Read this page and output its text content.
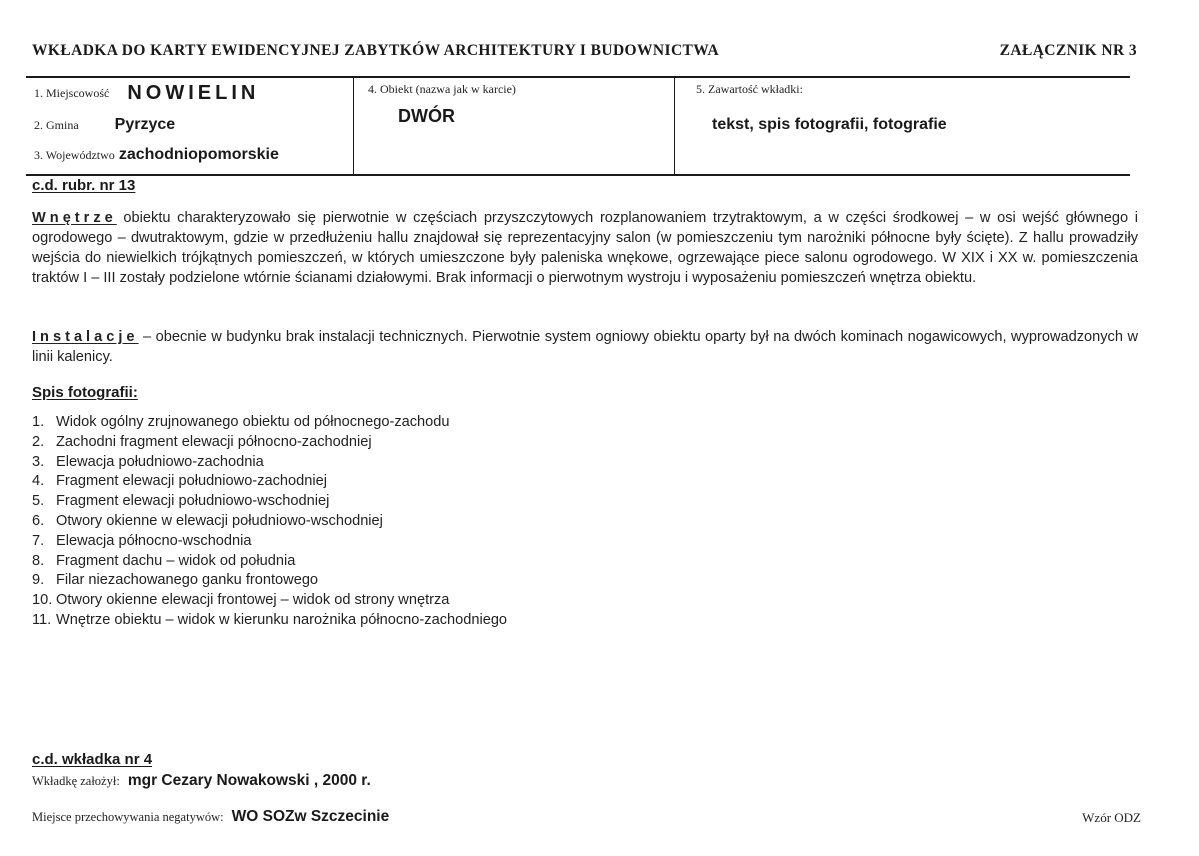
WKŁADKA DO KARTY EWIDENCYJNEJ ZABYTKÓW ARCHITEKTURY I BUDOWNICTWA	ZAŁĄCZNIK NR 3
1. Miejscowość NOWIELIN
2. Gmina Pyrzyce
3. Województwo zachodniopomorskie
4. Obiekt (nazwa jak w karcie)
DWÓR
5. Zawartość wkładki:
tekst, spis fotografii, fotografie
c.d. rubr. nr 13
Wnętrze obiektu charakteryzowało się pierwotnie w częściach przyszczytowych rozplanowaniem trzytraktowym, a w części środkowej – w osi wejść głównego i ogrodowego – dwutraktowym, gdzie w przedłużeniu hallu znajdował się reprezentacyjny salon (w pomieszczeniu tym narożniki północne były ścięte). Z hallu prowadziły wejścia do niewielkich trójkątnych pomieszczeń, w których umieszczone były paleniska wnękowe, ogrzewające piece salonu ogrodowego. W XIX i XX w. pomieszczenia traktów I – III zostały podzielone wtórnie ścianami działowymi. Brak informacji o pierwotnym wystroju i wyposażeniu pomieszczeń wnętrza obiektu.
Instalacje – obecnie w budynku brak instalacji technicznych. Pierwotnie system ogniowy obiektu oparty był na dwóch kominach nogawicowych, wyprowadzonych w linii kalenicy.
Spis fotografii:
1. Widok ogólny zrujnowanego obiektu od północnego-zachodu
2. Zachodni fragment elewacji północno-zachodniej
3. Elewacja południowo-zachodnia
4. Fragment elewacji południowo-zachodniej
5. Fragment elewacji południowo-wschodniej
6. Otwory okienne w elewacji południowo-wschodniej
7. Elewacja północno-wschodnia
8. Fragment dachu – widok od południa
9. Filar niezachowanego ganku frontowego
10. Otwory okienne elewacji frontowej – widok od strony wnętrza
11. Wnętrze obiektu – widok w kierunku narożnika północno-zachodniego
c.d. wkładka nr 4
Wkładkę założył: mgr Cezary Nowakowski , 2000 r.
Miejsce przechowywania negatywów: WO SOZw Szczecinie	Wzór ODZ
